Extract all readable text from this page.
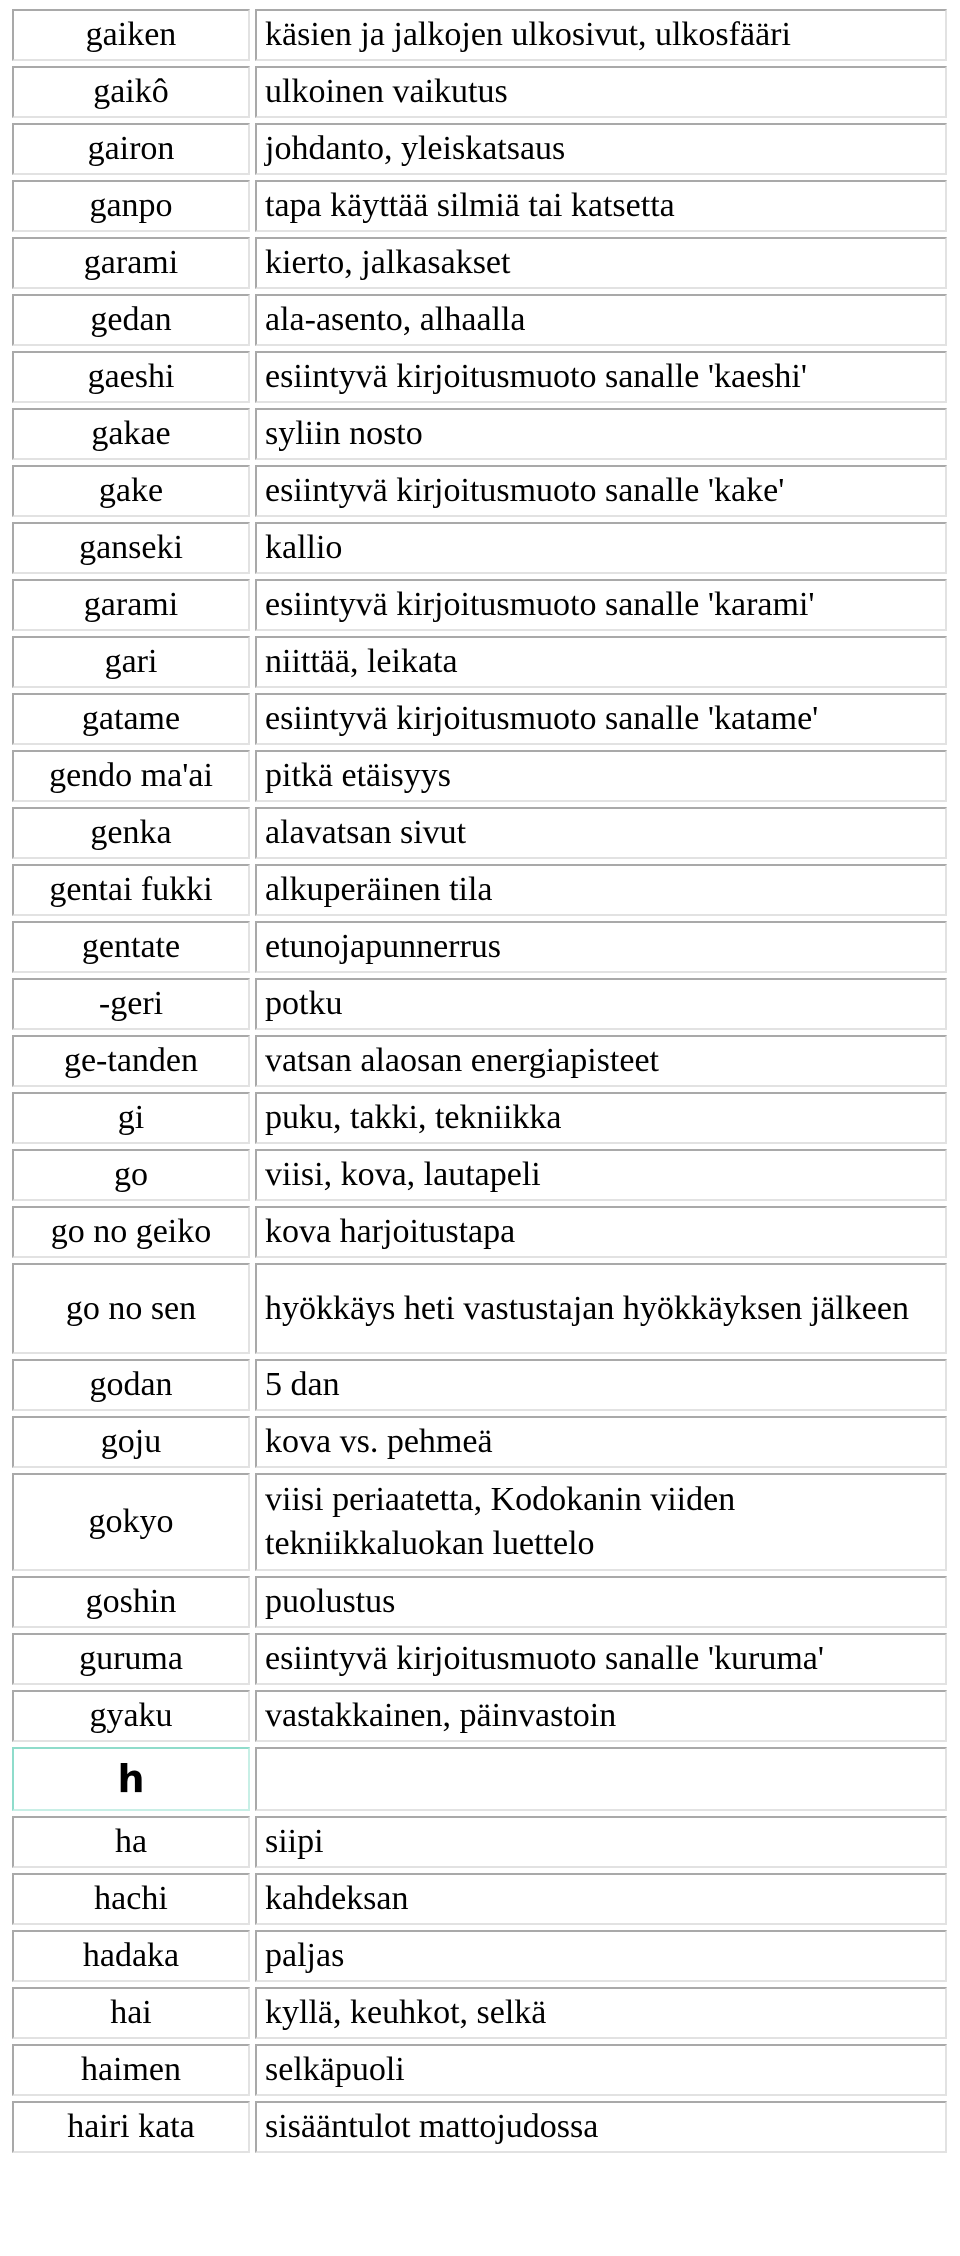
gaiken	käsien ja jalkojen ulkosivut, ulkosfääri
gaikô	ulkoinen vaikutus
gairon	johdanto, yleiskatsaus
ganpo	tapa käyttää silmiä tai katsetta
garami	kierto, jalkasakset
gedan	ala-asento, alhaalla
gaeshi	esiintyvä kirjoitusmuoto sanalle 'kaeshi'
gakae	syliin nosto
gake	esiintyvä kirjoitusmuoto sanalle 'kake'
ganseki	kallio
garami	esiintyvä kirjoitusmuoto sanalle 'karami'
gari	niittää, leikata
gatame	esiintyvä kirjoitusmuoto sanalle 'katame'
gendo ma'ai	pitkä etäisyys
genka	alavatsan sivut
gentai fukki	alkuperäinen tila
gentate	etunojapunnerrus
-geri	potku
ge-tanden	vatsan alaosan energiapisteet
gi	puku, takki, tekniikka
go	viisi, kova, lautapeli
go no geiko	kova harjoitustapa
go no sen	hyökkäys heti vastustajan hyökkäyksen jälkeen
godan	5 dan
goju	kova vs. pehmeä
gokyo	viisi periaatetta, Kodokanin viiden tekniikkaluokan luettelo
goshin	puolustus
guruma	esiintyvä kirjoitusmuoto sanalle 'kuruma'
gyaku	vastakkainen, päinvastoin
h	
ha	siipi
hachi	kahdeksan
hadaka	paljas
hai	kyllä, keuhkot, selkä
haimen	selkäpuoli
hairi kata	sisääntulot mattojudossa
